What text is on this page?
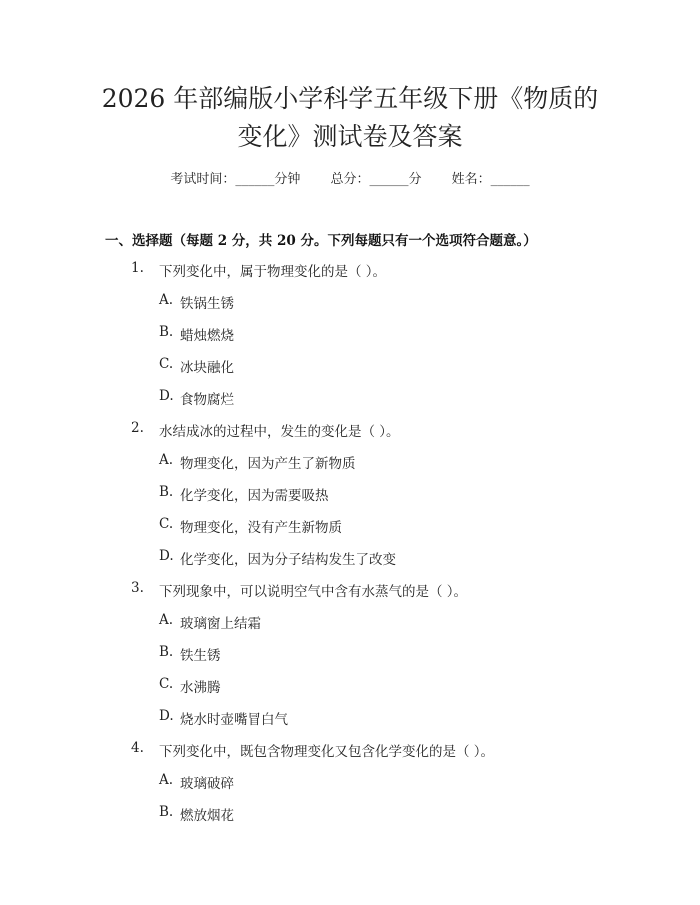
2026 年部编版小学科学五年级下册《物质的
变化》测试卷及答案
考试时间：______分钟 总分：______分 姓名：______
一、选择题（每题 2 分，共 20 分。下列每题只有一个选项符合题意。）
1. 下列变化中，属于物理变化的是（ ）。
A. 铁锅生锈
B. 蜡烛燃烧
C. 冰块融化
D. 食物腐烂
2. 水结成冰的过程中，发生的变化是（ ）。
A. 物理变化，因为产生了新物质
B. 化学变化，因为需要吸热
C. 物理变化，没有产生新物质
D. 化学变化，因为分子结构发生了改变
3. 下列现象中，可以说明空气中含有水蒸气的是（ ）。
A. 玻璃窗上结霜
B. 铁生锈
C. 水沸腾
D. 烧水时壶嘴冒白气
4. 下列变化中，既包含物理变化又包含化学变化的是（ ）。
A. 玻璃破碎
B. 燃放烟花
